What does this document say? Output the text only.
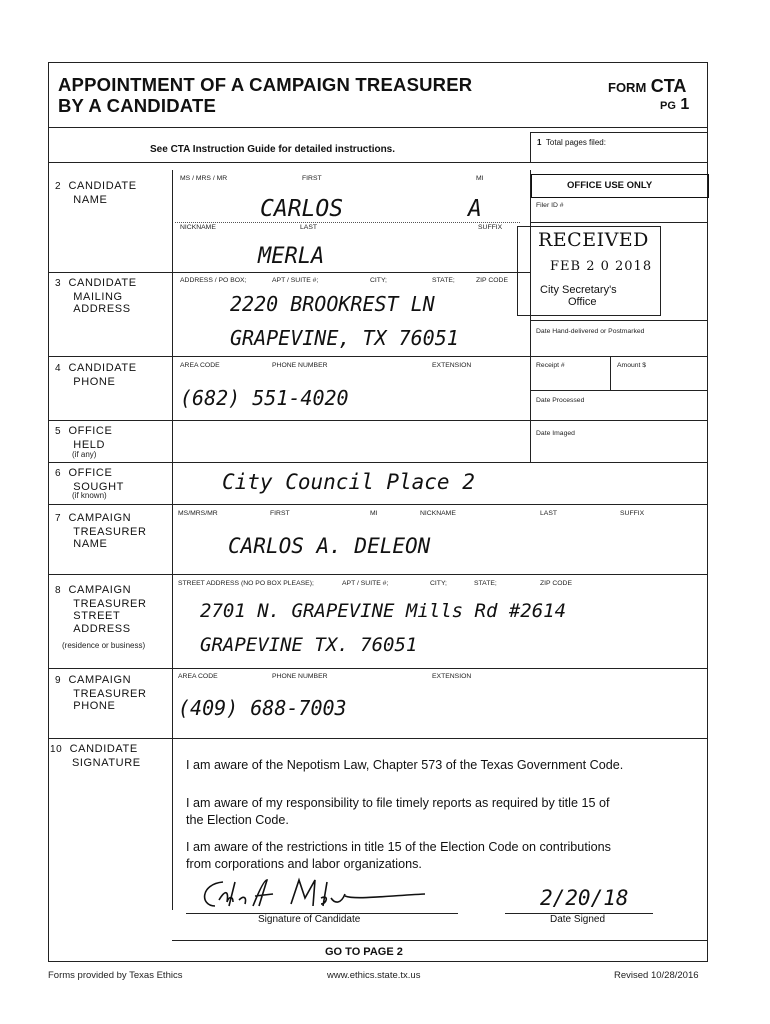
APPOINTMENT OF A CAMPAIGN TREASURER
BY A CANDIDATE
FORM CTA
PG 1
See CTA Instruction Guide for detailed instructions.
1 Total pages filed:
2 CANDIDATE
NAME
MS / MRS / MR	FIRST	MI
CARLOS	A
NICKNAME	LAST	SUFFIX
MERLA
OFFICE USE ONLY
Filer ID #
RECEIVED
FEB 2 0 2018
City Secretary's
Office
Date Hand-delivered or Postmarked
3 CANDIDATE
MAILING
ADDRESS
ADDRESS / PO BOX;	APT / SUITE #;	CITY;	STATE;	ZIP CODE
2220 BROOKREST LN
GRAPEVINE, TX 76051
4 CANDIDATE
PHONE
AREA CODE	PHONE NUMBER	EXTENSION
(682) 551-4020
Receipt #	Amount $
Date Processed
5 OFFICE
HELD
(if any)
Date Imaged
6 OFFICE
SOUGHT
(if known)
City Council Place 2
7 CAMPAIGN
TREASURER
NAME
MS/MRS/MR	FIRST	MI	NICKNAME	LAST	SUFFIX
CARLOS A. DELEON
8 CAMPAIGN
TREASURER
STREET
ADDRESS
(residence or business)
STREET ADDRESS (NO PO BOX PLEASE);	APT / SUITE #;	CITY;	STATE;	ZIP CODE
2701 N. GRAPEVINE Mills Rd #2614
GRAPEVINE TX. 76051
9 CAMPAIGN
TREASURER
PHONE
AREA CODE	PHONE NUMBER	EXTENSION
(409) 688-7003
10 CANDIDATE
SIGNATURE	I am aware of the Nepotism Law, Chapter 573 of the Texas Government Code.
I am aware of my responsibility to file timely reports as required by title 15 of
the Election Code.
I am aware of the restrictions in title 15 of the Election Code on contributions
from corporations and labor organizations.
Signature of Candidate
2/20/18
Date Signed
GO TO PAGE 2
Forms provided by Texas Ethics	www.ethics.state.tx.us	Revised 10/28/2016
